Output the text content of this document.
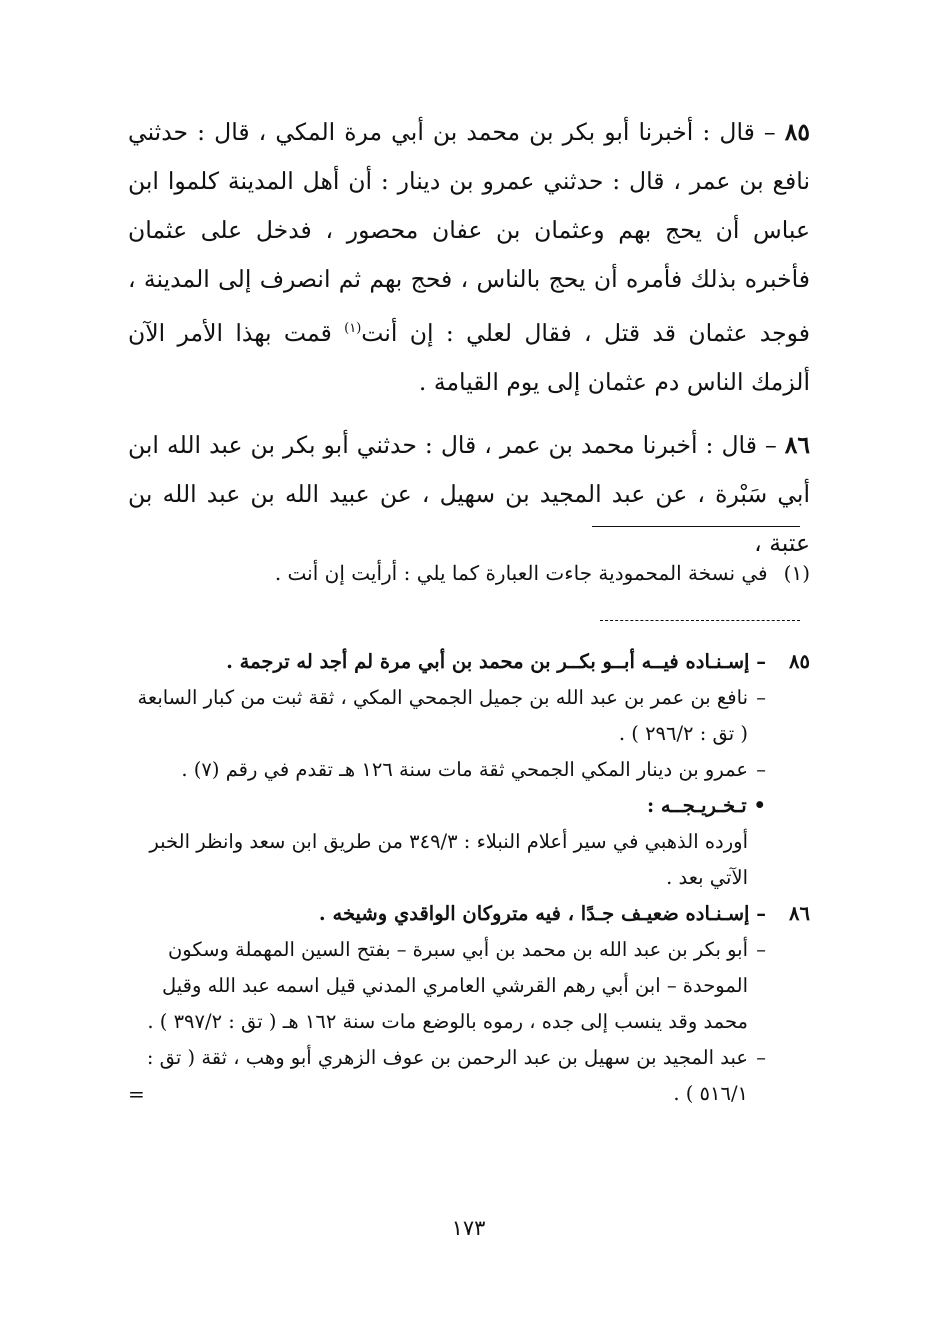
٨٥ – قال : أخبرنا أبو بكر بن محمد بن أبي مرة المكي ، قال : حدثني نافع بن عمر ، قال : حدثني عمرو بن دينار : أن أهل المدينة كلموا ابن عباس أن يحج بهم وعثمان بن عفان محصور ، فدخل على عثمان فأخبره بذلك فأمره أن يحج بالناس ، فحج بهم ثم انصرف إلى المدينة ، فوجد عثمان قد قتل ، فقال لعلي : إن أنت$^{(١)}$ قمت بهذا الأمر الآن ألزمك الناس دم عثمان إلى يوم القيامة .

٨٦ – قال : أخبرنا محمد بن عمر ، قال : حدثني أبو بكر بن عبد الله ابن أبي سَبْرة ، عن عبد المجيد بن سهيل ، عن عبيد الله بن عبد الله بن عتبة ،

(١)في نسخة المحمودية جاءت العبارة كما يلي : أرأيت إن أنت .

٨٥
– إسـنـاده فيــه أبــو بكــر بن محمد بن أبي مرة لم أجد له ترجمة .

–
نافع بن عمر بن عبد الله بن جميل الجمحي المكي ، ثقة ثبت من كبار السابعة ( تق : ٢٩٦/٢ ) .

–
عمرو بن دينار المكي الجمحي ثقة مات سنة ١٢٦ هـ تقدم في رقم (٧) .

• تـخـريـجــه :

أورده الذهبي في سير أعلام النبلاء : ٣٤٩/٣ من طريق ابن سعد وانظر الخبر الآتي بعد .

٨٦
– إسـنـاده ضعيـف جـدًا ، فيه متروكان الواقدي وشيخه .

–
أبو بكر بن عبد الله بن محمد بن أبي سبرة – بفتح السين المهملة وسكون الموحدة – ابن أبي رهم القرشي العامري المدني قيل اسمه عبد الله وقيل محمد وقد ينسب إلى جده ، رموه بالوضع مات سنة ١٦٢ هـ ( تق : ٣٩٧/٢ ) .

–
عبد المجيد بن سهيل بن عبد الرحمن بن عوف الزهري أبو وهب ، ثقة ( تق : ٥١٦/١ ) .
=

١٧٣
